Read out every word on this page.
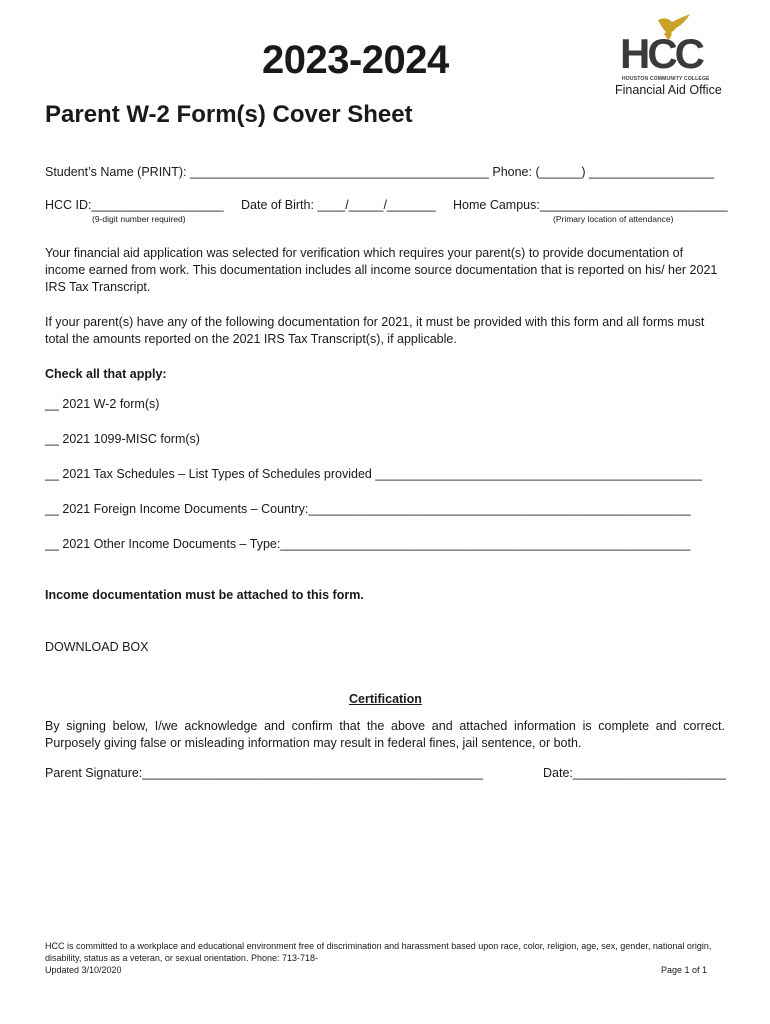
2023-2024	HCC
HOUSTON COMMUNITY COLLEGE
Financial Aid Office
Parent W-2 Form(s) Cover Sheet
Student’s Name (PRINT): ___________________________________________ Phone: (______) __________________
HCC ID:___________________ Date of Birth: ____/_____/_______ Home Campus:___________________________
(9-digit number required)	(Primary location of attendance)
Your financial aid application was selected for verification which requires your parent(s) to provide documentation of income earned from work. This documentation includes all income source documentation that is reported on his/ her 2021 IRS Tax Transcript.
If your parent(s) have any of the following documentation for 2021, it must be provided with this form and all forms must total the amounts reported on the 2021 IRS Tax Transcript(s), if applicable.
Check all that apply:
__ 2021 W-2 form(s)
__ 2021 1099-MISC form(s)
__ 2021 Tax Schedules – List Types of Schedules provided _______________________________________________
__ 2021 Foreign Income Documents – Country:_______________________________________________________
__ 2021 Other Income Documents – Type:___________________________________________________________
Income documentation must be attached to this form.
DOWNLOAD BOX
Certification
By signing below, I/we acknowledge and confirm that the above and attached information is complete and correct. Purposely giving false or misleading information may result in federal fines, jail sentence, or both.
Parent Signature:_________________________________________________	Date:______________________
HCC is committed to a workplace and educational environment free of discrimination and harassment based upon race, color, religion, age, sex, gender, national origin, disability, status as a veteran, or sexual orientation. Phone: 713-718-
Updated 3/10/2020	Page 1 of 1
